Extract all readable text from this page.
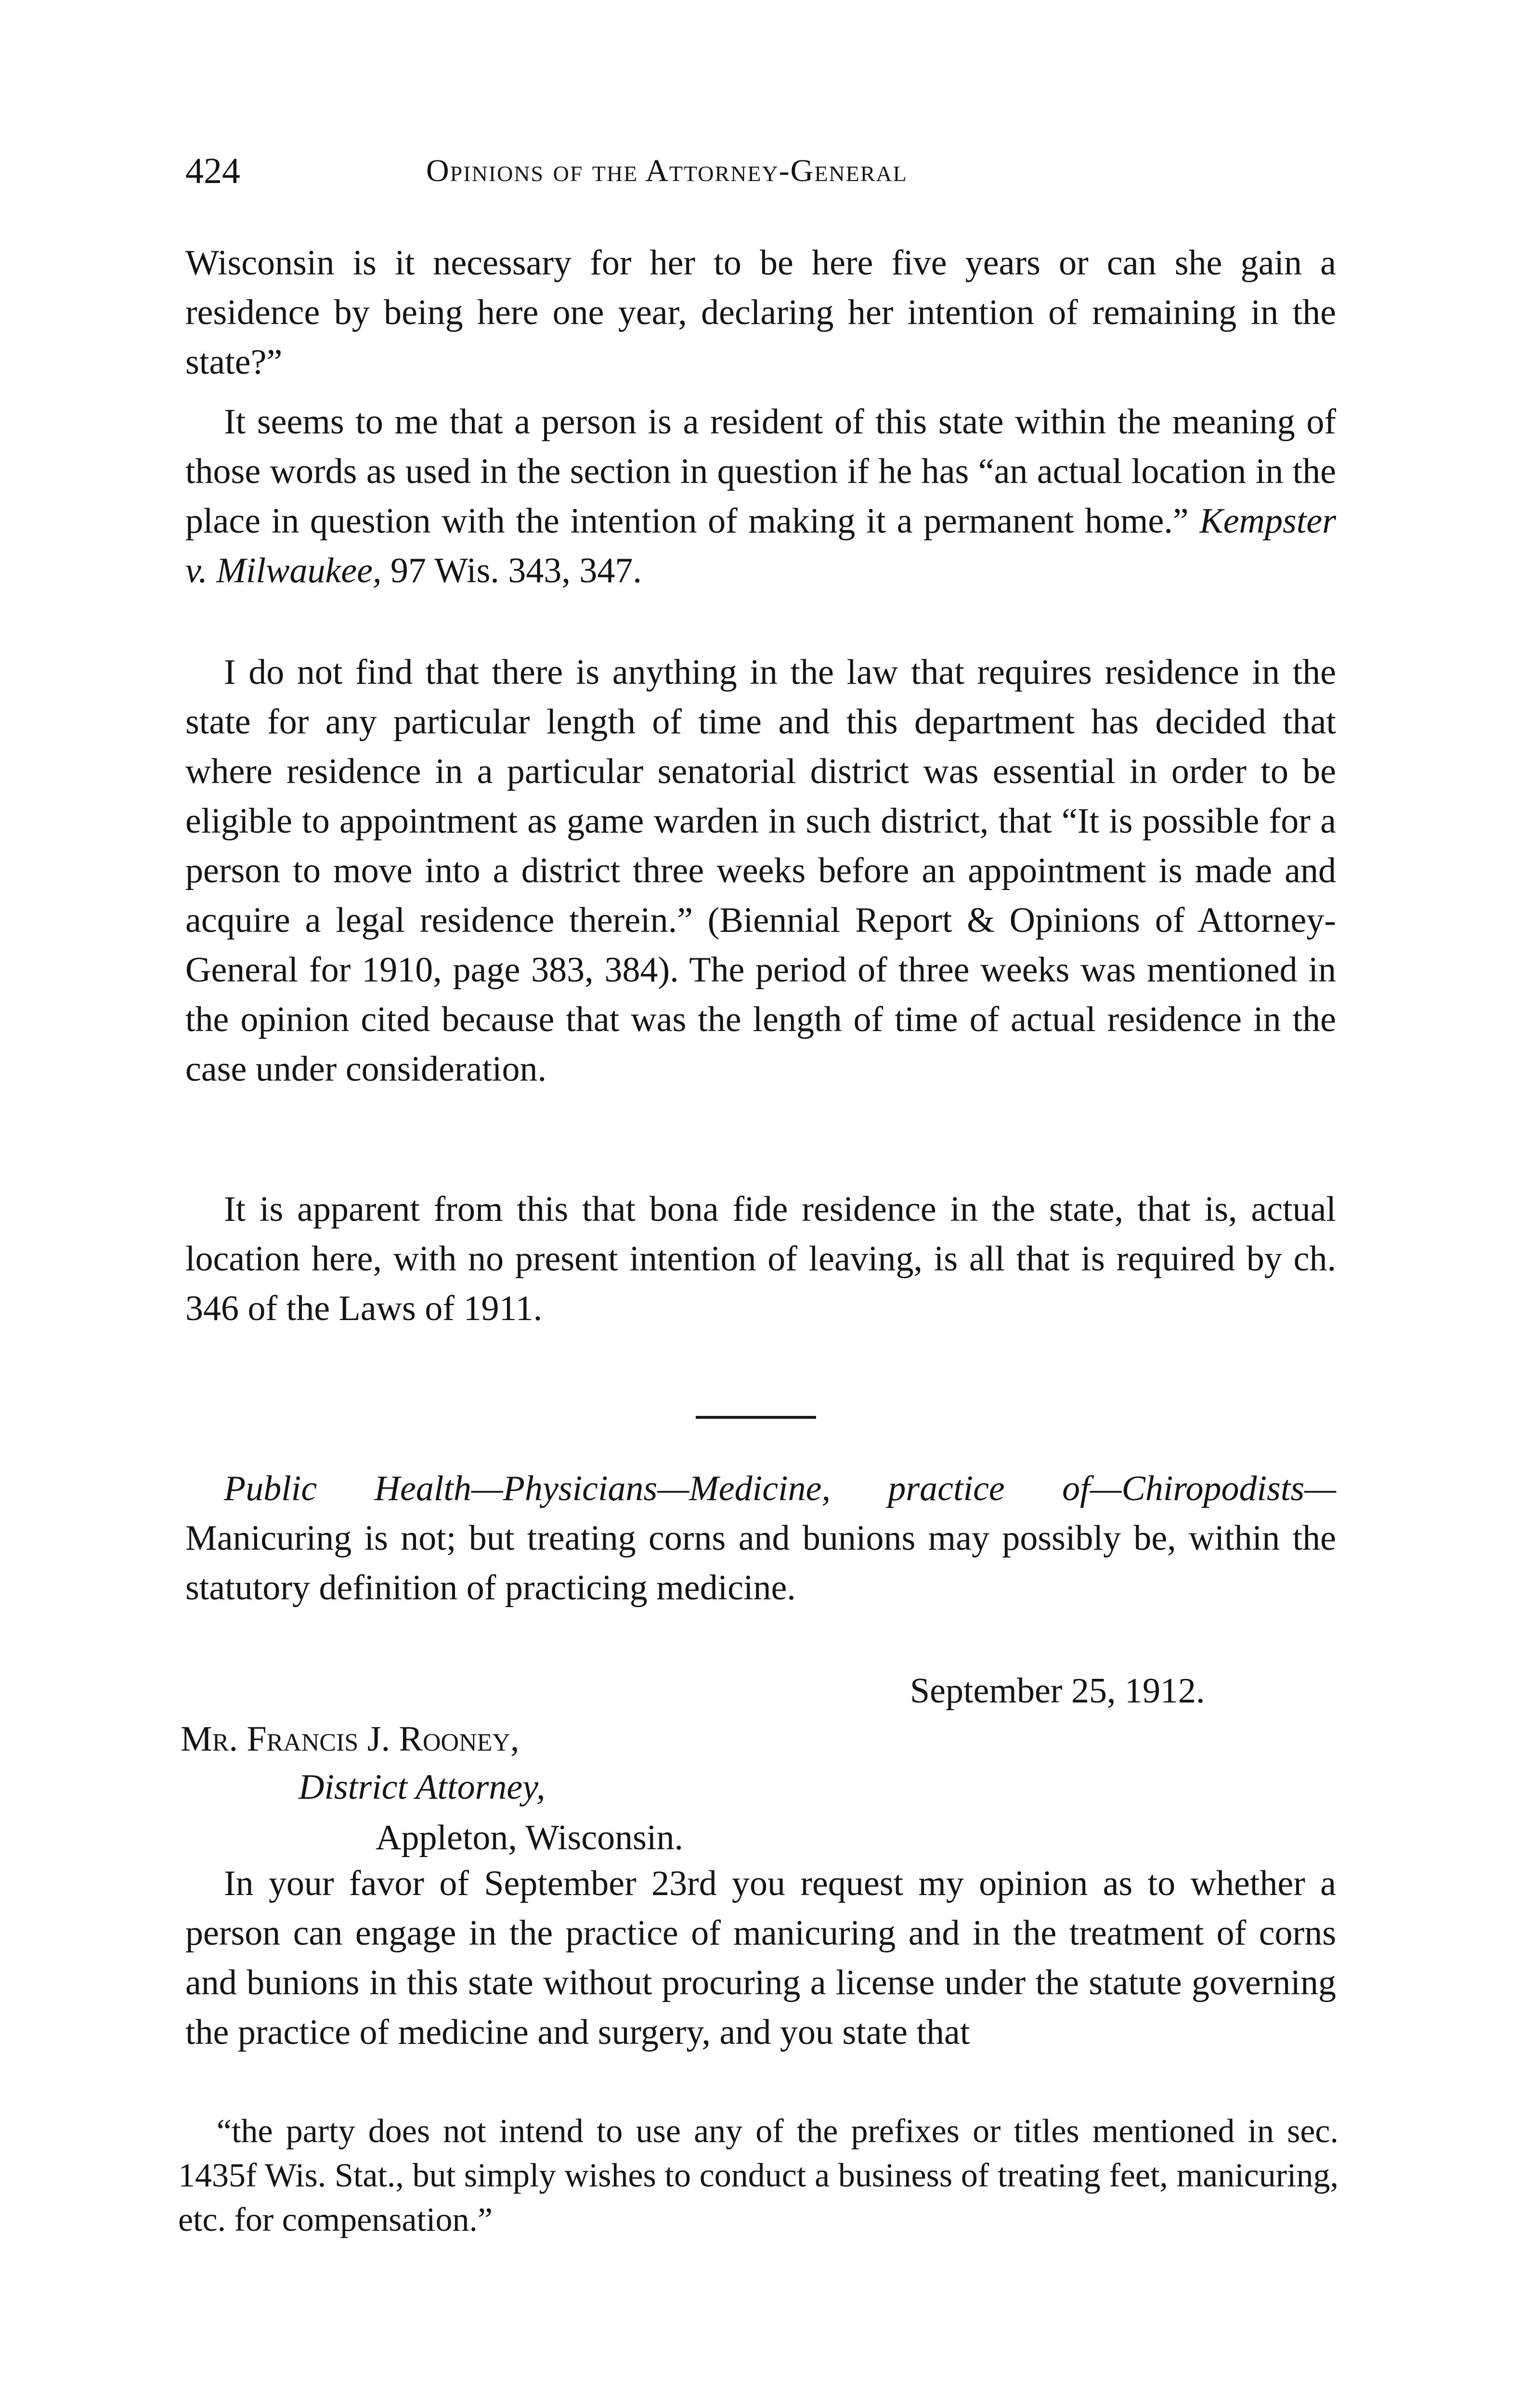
424	Opinions of the Attorney-General

Wisconsin is it necessary for her to be here five years or can she gain a residence by being here one year, declaring her intention of remaining in the state?”

It seems to me that a person is a resident of this state within the meaning of those words as used in the section in question if he has “an actual location in the place in question with the intention of making it a permanent home.” Kempster v. Milwaukee, 97 Wis. 343, 347.

I do not find that there is anything in the law that requires residence in the state for any particular length of time and this department has decided that where residence in a particular senatorial district was essential in order to be eligible to appointment as game warden in such district, that “It is possible for a person to move into a district three weeks before an appointment is made and acquire a legal residence therein.” (Biennial Report & Opinions of Attorney-General for 1910, page 383, 384). The period of three weeks was mentioned in the opinion cited because that was the length of time of actual residence in the case under consideration.

It is apparent from this that bona fide residence in the state, that is, actual location here, with no present intention of leaving, is all that is required by ch. 346 of the Laws of 1911.

Public Health—Physicians—Medicine, practice of—Chiropodists—Manicuring is not; but treating corns and bunions may possibly be, within the statutory definition of practicing medicine.

September 25, 1912.
Mr. Francis J. Rooney,
District Attorney,
Appleton, Wisconsin.

In your favor of September 23rd you request my opinion as to whether a person can engage in the practice of manicuring and in the treatment of corns and bunions in this state without procuring a license under the statute governing the practice of medicine and surgery, and you state that

“the party does not intend to use any of the prefixes or titles mentioned in sec. 1435f Wis. Stat., but simply wishes to conduct a business of treating feet, manicuring, etc. for compensation.”
